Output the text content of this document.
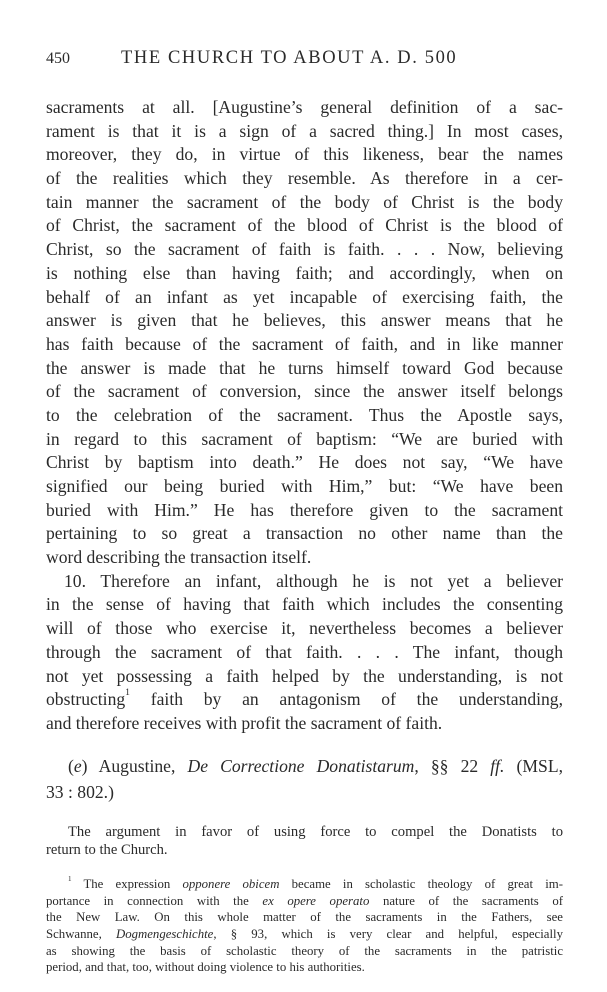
450	THE CHURCH TO ABOUT A. D. 500
sacraments at all. [Augustine’s general definition of a sac-
rament is that it is a sign of a sacred thing.] In most cases,
moreover, they do, in virtue of this likeness, bear the names
of the realities which they resemble. As therefore in a cer-
tain manner the sacrament of the body of Christ is the body
of Christ, the sacrament of the blood of Christ is the blood of
Christ, so the sacrament of faith is faith. . . . Now, believing
is nothing else than having faith; and accordingly, when on
behalf of an infant as yet incapable of exercising faith, the
answer is given that he believes, this answer means that he
has faith because of the sacrament of faith, and in like manner
the answer is made that he turns himself toward God because
of the sacrament of conversion, since the answer itself belongs
to the celebration of the sacrament. Thus the Apostle says,
in regard to this sacrament of baptism: “We are buried with
Christ by baptism into death.” He does not say, “We have
signified our being buried with Him,” but: “We have been
buried with Him.” He has therefore given to the sacrament
pertaining to so great a transaction no other name than the
word describing the transaction itself.
10. Therefore an infant, although he is not yet a believer
in the sense of having that faith which includes the consenting
will of those who exercise it, nevertheless becomes a believer
through the sacrament of that faith. . . . The infant, though
not yet possessing a faith helped by the understanding, is not
obstructing$^1$ faith by an antagonism of the understanding,
and therefore receives with profit the sacrament of faith.
(e) Augustine, De Correctione Donatistarum, §§ 22 ff. (MSL,
33 : 802.)
The argument in favor of using force to compel the Donatists to
return to the Church.
$^1$ The expression opponere obicem became in scholastic theology of great im-
portance in connection with the ex opere operato nature of the sacraments of
the New Law. On this whole matter of the sacraments in the Fathers, see
Schwanne, Dogmengeschichte, § 93, which is very clear and helpful, especially
as showing the basis of scholastic theory of the sacraments in the patristic
period, and that, too, without doing violence to his authorities.
